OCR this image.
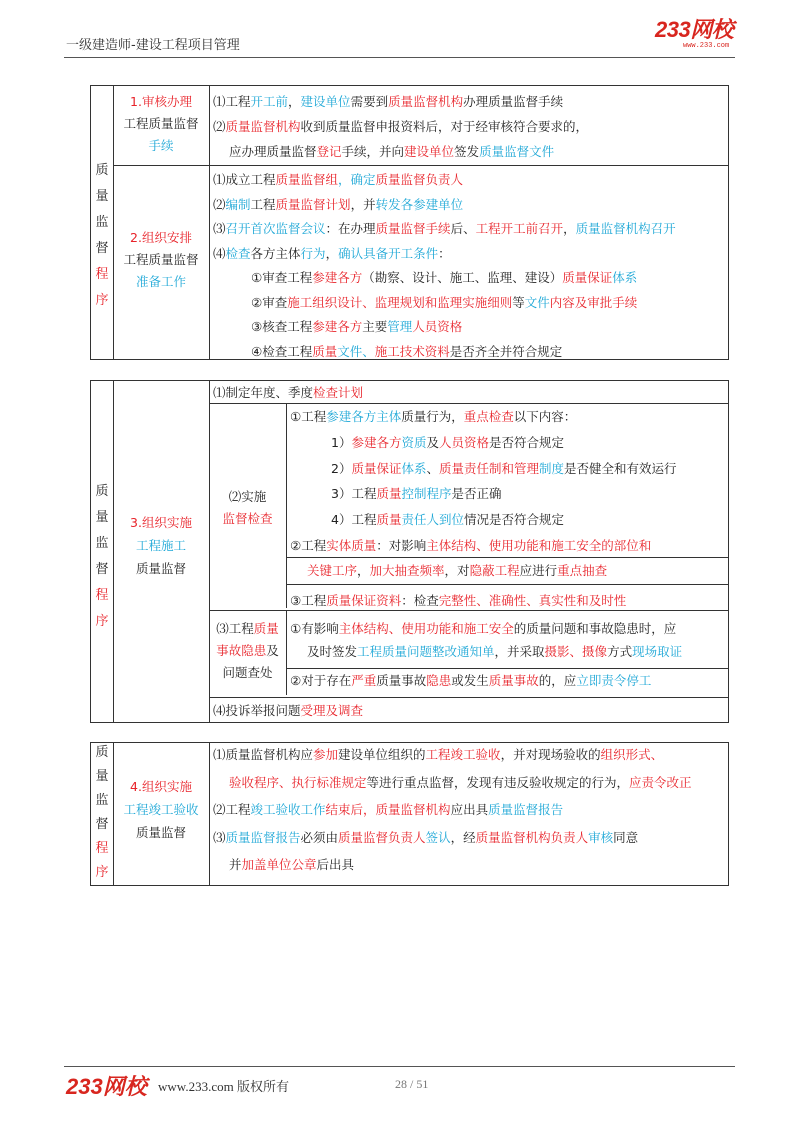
一级建造师-建设工程项目管理
233网校
www.233.com
质
量
监
督
程
序
1.审核办理
工程质量监督
手续
2.组织安排
工程质量监督
准备工作
⑴工程开工前，建设单位需要到质量监督机构办理质量监督手续
⑵质量监督机构收到质量监督申报资料后，对于经审核符合要求的，
应办理质量监督登记手续，并向建设单位签发质量监督文件
⑴成立工程质量监督组，确定质量监督负责人
⑵编制工程质量监督计划，并转发各参建单位
⑶召开首次监督会议：在办理质量监督手续后、工程开工前召开，质量监督机构召开
⑷检查各方主体行为，确认具备开工条件：
①审查工程参建各方（勘察、设计、施工、监理、建设）质量保证体系
②审查施工组织设计、监理规划和监理实施细则等文件内容及审批手续
③核查工程参建各方主要管理人员资格
④检查工程质量文件、施工技术资料是否齐全并符合规定
质
量
监
督
程
序
3.组织实施
工程施工
质量监督
⑴制定年度、季度检查计划
⑵实施
监督检查
①工程参建各方主体质量行为，重点检查以下内容：
1）参建各方资质及人员资格是否符合规定
2）质量保证体系、质量责任制和管理制度是否健全和有效运行
3）工程质量控制程序是否正确
4）工程质量责任人到位情况是否符合规定
②工程实体质量：对影响主体结构、使用功能和施工安全的部位和
关键工序，加大抽查频率，对隐蔽工程应进行重点抽查
③工程质量保证资料：检查完整性、准确性、真实性和及时性
⑶工程质量
事故隐患及
问题查处
①有影响主体结构、使用功能和施工安全的质量问题和事故隐患时，应
及时签发工程质量问题整改通知单，并采取摄影、摄像方式现场取证
②对于存在严重质量事故隐患或发生质量事故的，应立即责令停工
⑷投诉举报问题受理及调查
质
量
监
督
程
序
4.组织实施
工程竣工验收
质量监督
⑴质量监督机构应参加建设单位组织的工程竣工验收，并对现场验收的组织形式、
验收程序、执行标准规定等进行重点监督，发现有违反验收规定的行为，应责令改正
⑵工程竣工验收工作结束后，质量监督机构应出具质量监督报告
⑶质量监督报告必须由质量监督负责人签认，经质量监督机构负责人审核同意
并加盖单位公章后出具
233网校 www.233.com 版权所有	28 / 51
